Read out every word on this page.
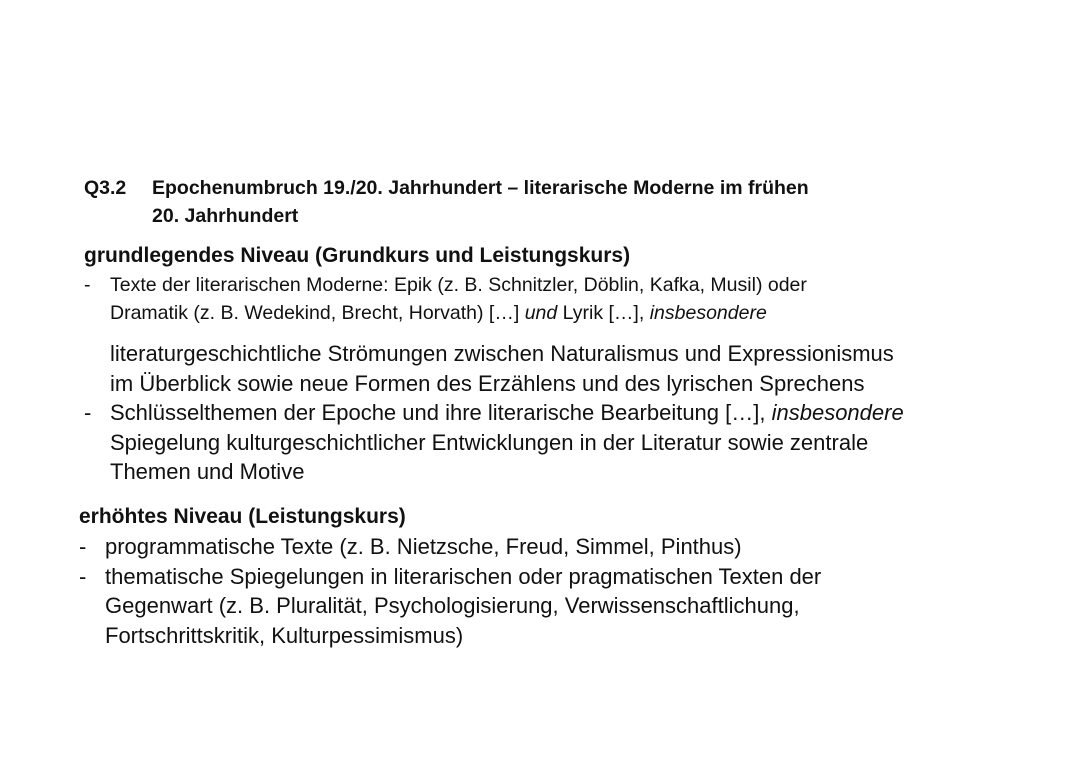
Q3.2 Epochenumbruch 19./20. Jahrhundert – literarische Moderne im frühen
20. Jahrhundert
grundlegendes Niveau (Grundkurs und Leistungskurs)
- Texte der literarischen Moderne: Epik (z. B. Schnitzler, Döblin, Kafka, Musil) oder
Dramatik (z. B. Wedekind, Brecht, Horvath) […] und Lyrik […], insbesondere
literaturgeschichtliche Strömungen zwischen Naturalismus und Expressionismus
im Überblick sowie neue Formen des Erzählens und des lyrischen Sprechens
- Schlüsselthemen der Epoche und ihre literarische Bearbeitung […], insbesondere
Spiegelung kulturgeschichtlicher Entwicklungen in der Literatur sowie zentrale
Themen und Motive
erhöhtes Niveau (Leistungskurs)
- programmatische Texte (z. B. Nietzsche, Freud, Simmel, Pinthus)
- thematische Spiegelungen in literarischen oder pragmatischen Texten der
Gegenwart (z. B. Pluralität, Psychologisierung, Verwissenschaftlichung,
Fortschrittskritik, Kulturpessimismus)
